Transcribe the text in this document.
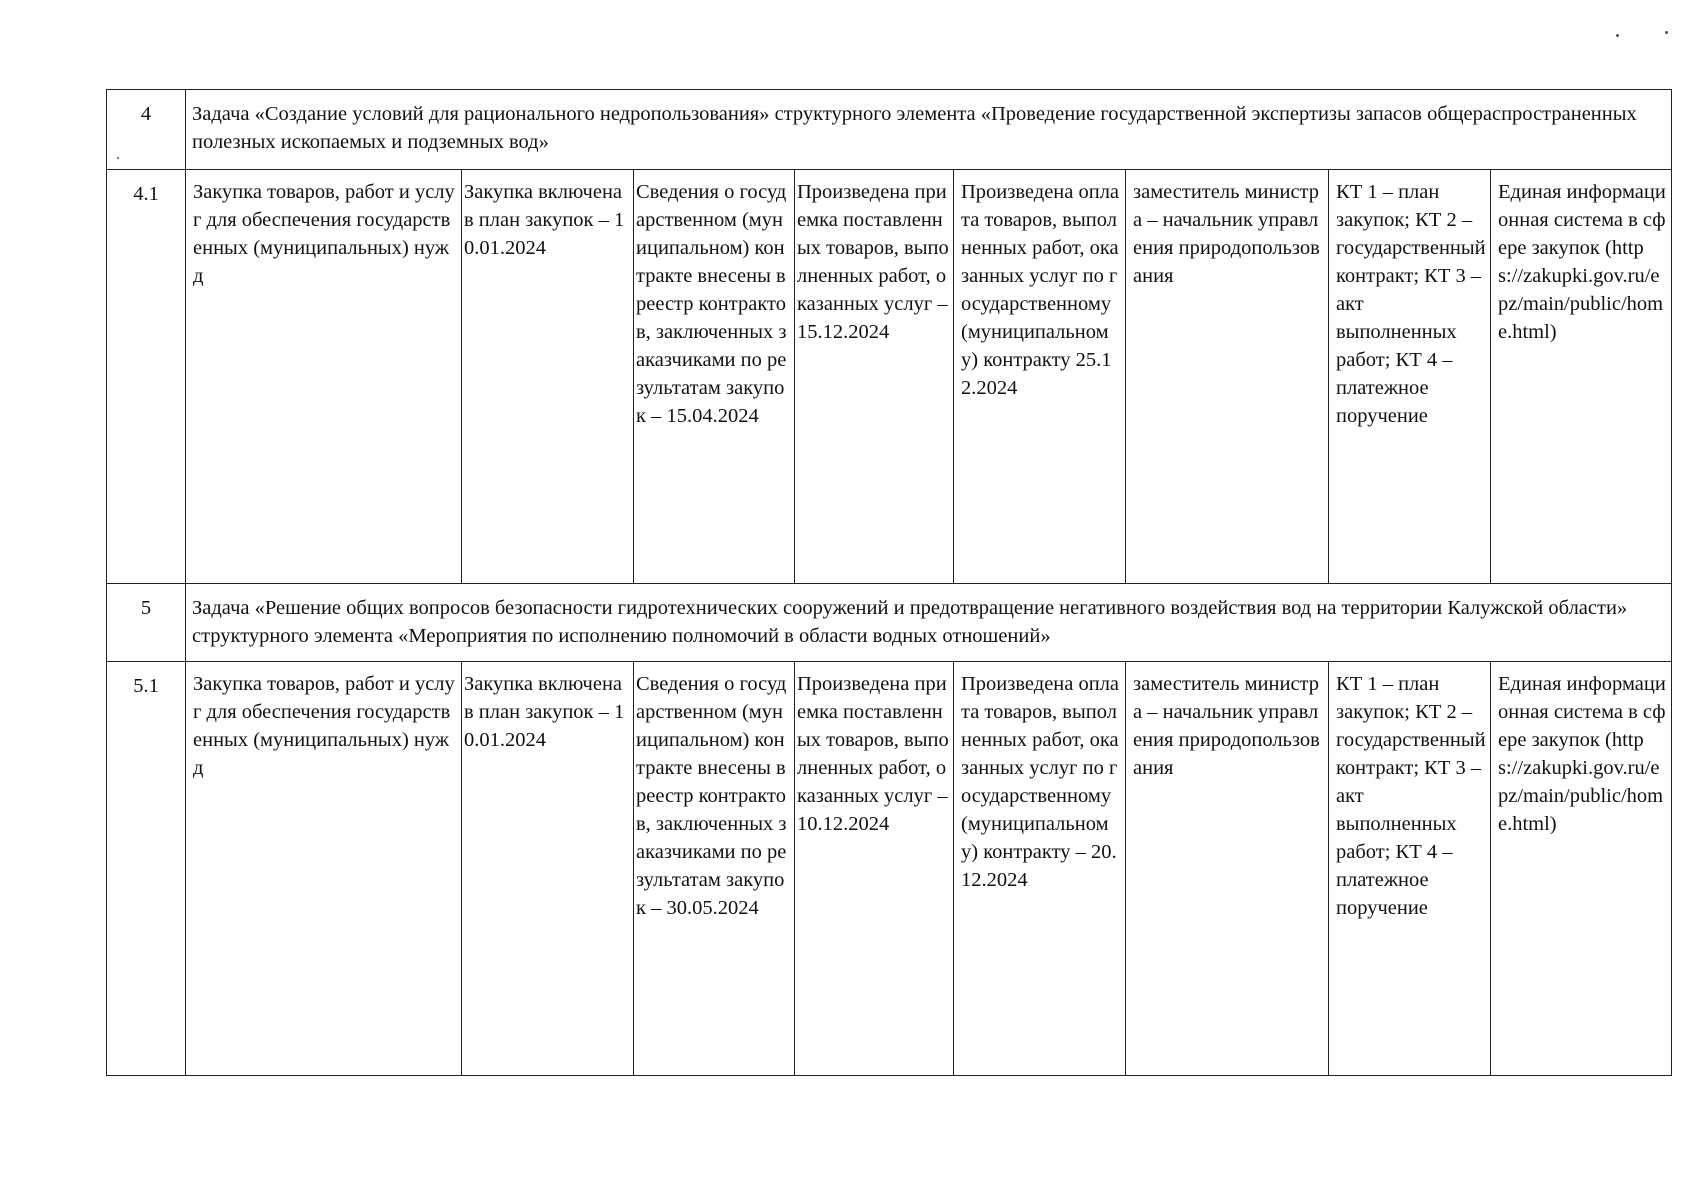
4	Задача «Создание условий для рационального недропользования» структурного элемента «Проведение государственной экспертизы запасов общераспространенных полезных ископаемых и подземных вод»							
4.1	Закупка товаров, работ и услуг для обеспечения государственных (муниципальных) нужд	Закупка включена в план закупок – 10.01.2024	Сведения о государственном (муниципальном) контракте внесены в реестр контрактов, заключенных заказчиками по результатам закупок – 15.04.2024	Произведена приемка поставленных товаров, выполненных работ, оказанных услуг – 15.12.2024	Произведена оплата товаров, выполненных работ, оказанных услуг по государственному (муниципальному) контракту 25.12.2024	заместитель министра – начальник управления природопользования	КТ 1 – план закупок; КТ 2 – государственный контракт; КТ 3 – акт выполненных работ; КТ 4 – платежное поручение	Единая информационная система в сфере закупок (https://zakupki.gov.ru/epz/main/public/home.html)
5	Задача «Решение общих вопросов безопасности гидротехнических сооружений и предотвращение негативного воздействия вод на территории Калужской области» структурного элемента «Мероприятия по исполнению полномочий в области водных отношений»							
5.1	Закупка товаров, работ и услуг для обеспечения государственных (муниципальных) нужд	Закупка включена в план закупок – 10.01.2024	Сведения о государственном (муниципальном) контракте внесены в реестр контрактов, заключенных заказчиками по результатам закупок – 30.05.2024	Произведена приемка поставленных товаров, выполненных работ, оказанных услуг – 10.12.2024	Произведена оплата товаров, выполненных работ, оказанных услуг по государственному (муниципальному) контракту – 20.12.2024	заместитель министра – начальник управления природопользования	КТ 1 – план закупок; КТ 2 – государственный контракт; КТ 3 – акт выполненных работ; КТ 4 – платежное поручение	Единая информационная система в сфере закупок (https://zakupki.gov.ru/epz/main/public/home.html)
